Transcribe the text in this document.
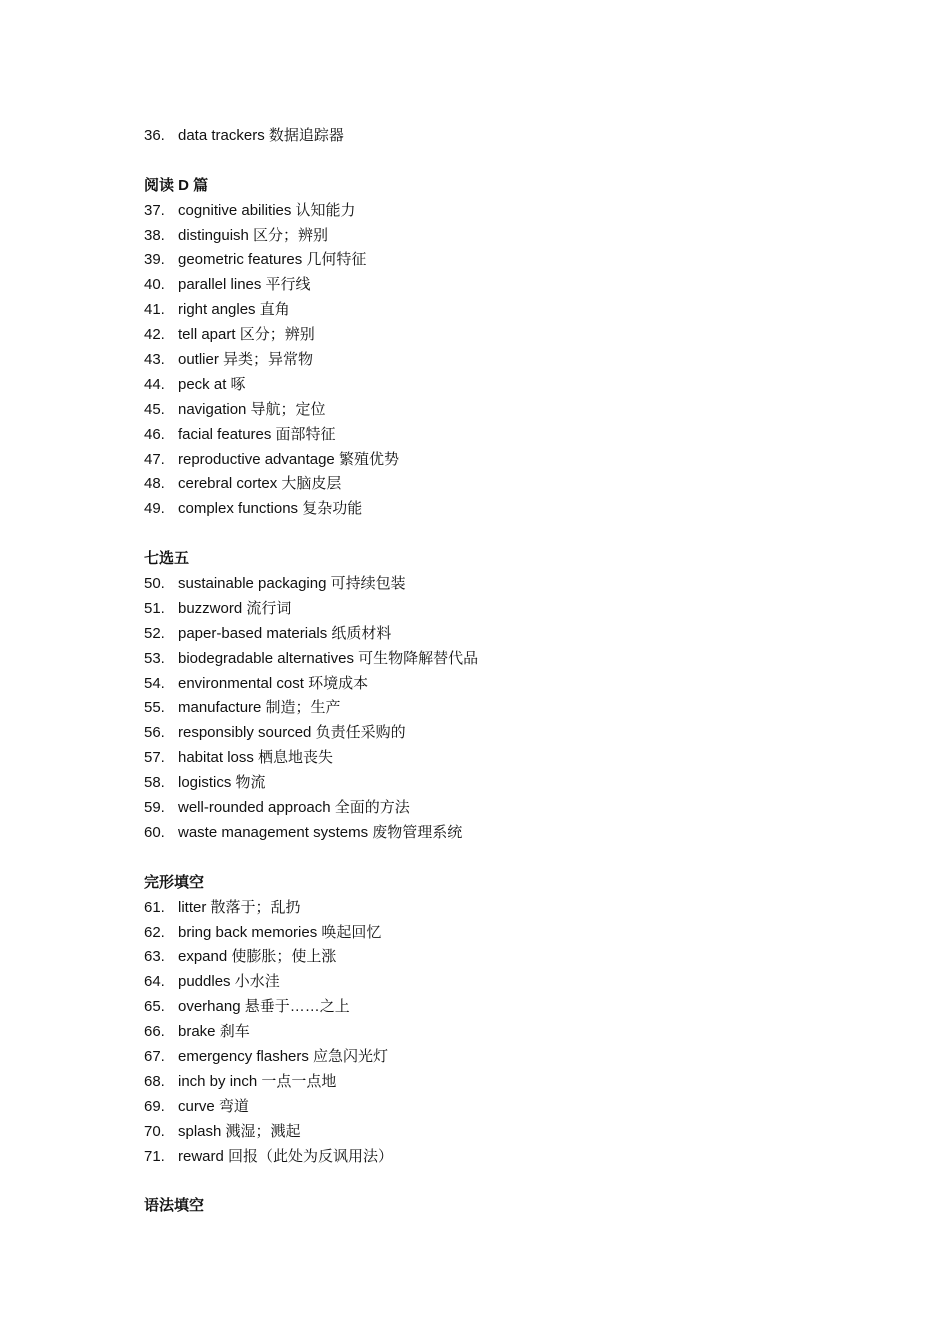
36. data trackers 数据追踪器
阅读 D 篇
37. cognitive abilities 认知能力
38. distinguish 区分；辨别
39. geometric features 几何特征
40. parallel lines 平行线
41. right angles 直角
42. tell apart 区分；辨别
43. outlier 异类；异常物
44. peck at 啄
45. navigation 导航；定位
46. facial features 面部特征
47. reproductive advantage 繁殖优势
48. cerebral cortex 大脑皮层
49. complex functions 复杂功能
七选五
50. sustainable packaging 可持续包装
51. buzzword 流行词
52. paper-based materials 纸质材料
53. biodegradable alternatives 可生物降解替代品
54. environmental cost 环境成本
55. manufacture 制造；生产
56. responsibly sourced 负责任采购的
57. habitat loss 栖息地丧失
58. logistics 物流
59. well-rounded approach 全面的方法
60. waste management systems 废物管理系统
完形填空
61. litter 散落于；乱扔
62. bring back memories 唤起回忆
63. expand 使膨胀；使上涨
64. puddles 小水洼
65. overhang 悬垂于……之上
66. brake 刹车
67. emergency flashers 应急闪光灯
68. inch by inch 一点一点地
69. curve 弯道
70. splash 溅湿；溅起
71. reward 回报（此处为反讽用法）
语法填空
